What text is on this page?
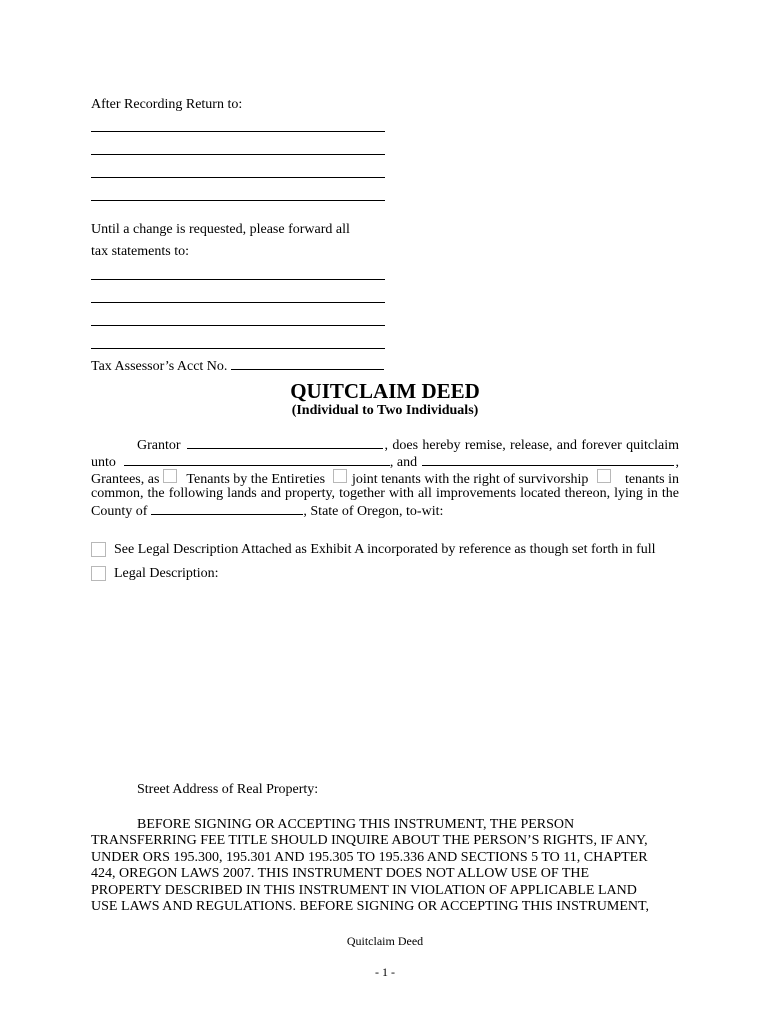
After Recording Return to:
Until a change is requested, please forward all
tax statements to:
Tax Assessor’s Acct No.
QUITCLAIM DEED
(Individual to Two Individuals)
Grantor	, does hereby remise, release, and forever quitclaim
unto	, and	,
Grantees, as Tenants by the Entireties joint tenants with the right of survivorship	tenants in
common, the following lands and property, together with all improvements located thereon, lying in the
County of	, State of Oregon, to-wit:
See Legal Description Attached as Exhibit A incorporated by reference as though set forth in full
Legal Description:
Street Address of Real Property:
BEFORE SIGNING OR ACCEPTING THIS INSTRUMENT, THE PERSON
TRANSFERRING FEE TITLE SHOULD INQUIRE ABOUT THE PERSON’S RIGHTS, IF ANY,
UNDER ORS 195.300, 195.301 AND 195.305 TO 195.336 AND SECTIONS 5 TO 11, CHAPTER
424, OREGON LAWS 2007. THIS INSTRUMENT DOES NOT ALLOW USE OF THE
PROPERTY DESCRIBED IN THIS INSTRUMENT IN VIOLATION OF APPLICABLE LAND
USE LAWS AND REGULATIONS. BEFORE SIGNING OR ACCEPTING THIS INSTRUMENT,
Quitclaim Deed
- 1 -
